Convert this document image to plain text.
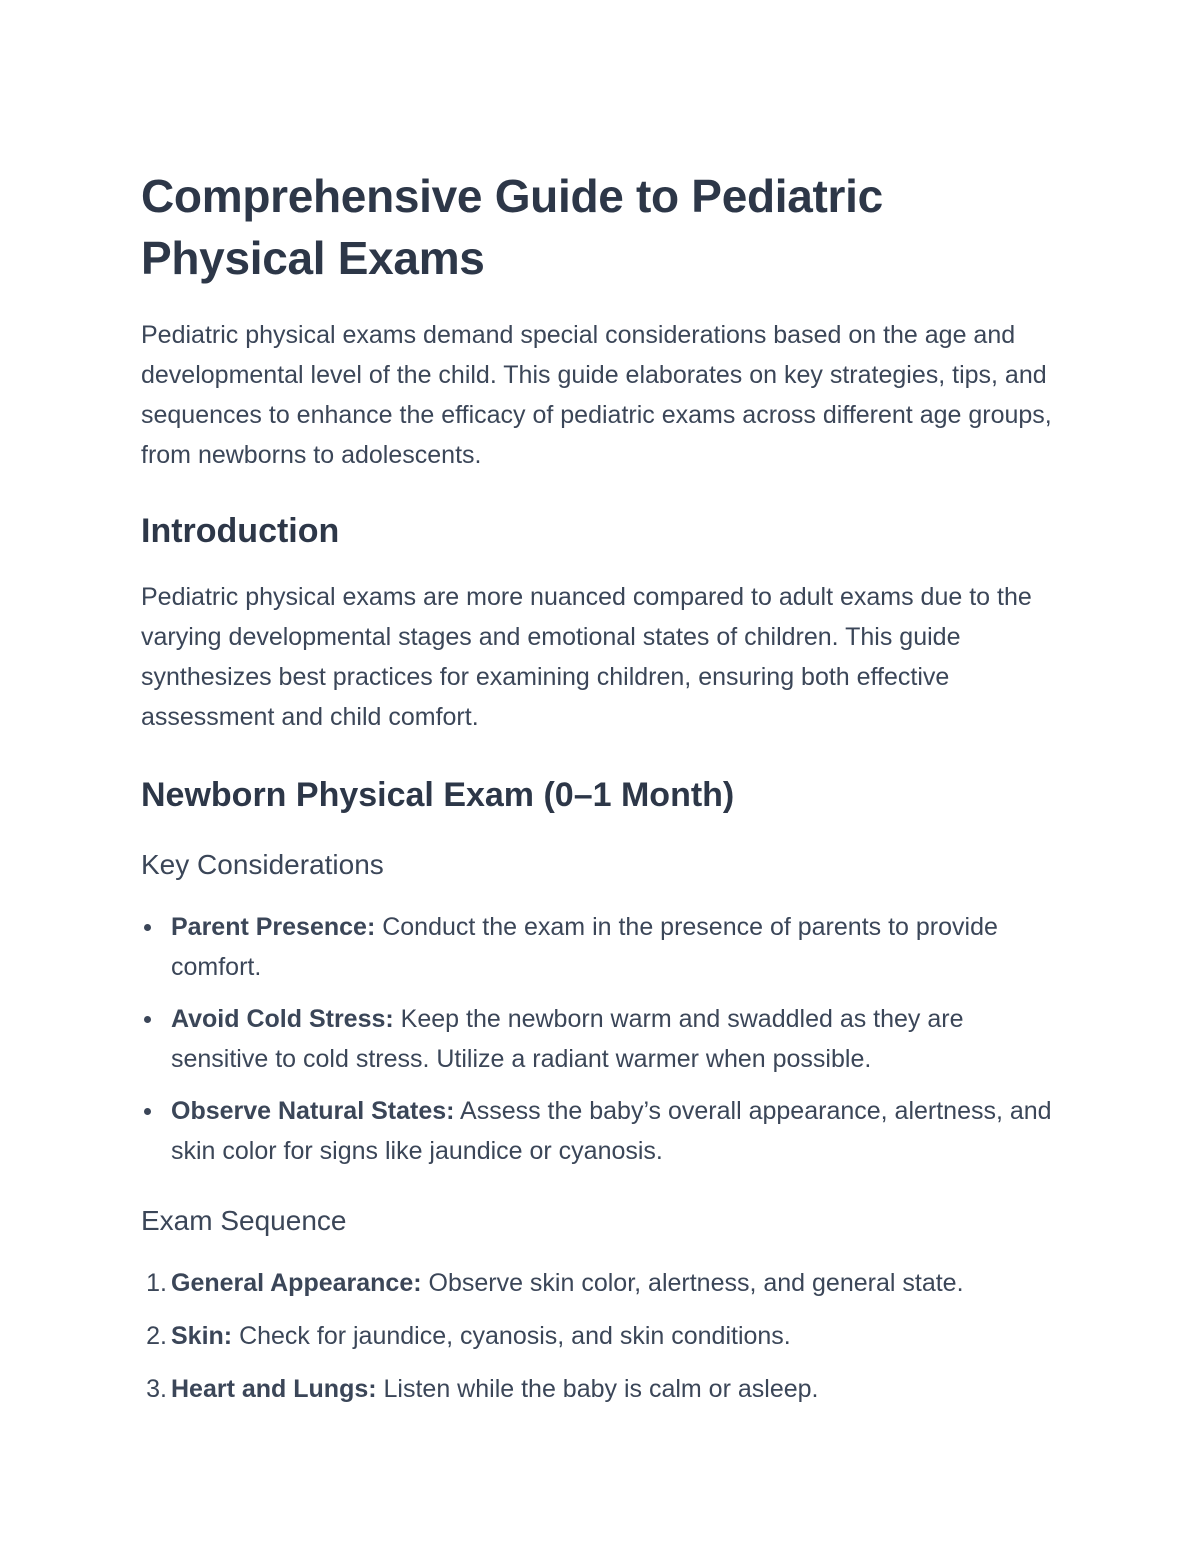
Comprehensive Guide to Pediatric Physical Exams

Pediatric physical exams demand special considerations based on the age and developmental level of the child. This guide elaborates on key strategies, tips, and sequences to enhance the efficacy of pediatric exams across different age groups, from newborns to adolescents.

Introduction

Pediatric physical exams are more nuanced compared to adult exams due to the varying developmental stages and emotional states of children. This guide synthesizes best practices for examining children, ensuring both effective assessment and child comfort.

Newborn Physical Exam (0–1 Month)
Key Considerations
Parent Presence: Conduct the exam in the presence of parents to provide comfort.
Avoid Cold Stress: Keep the newborn warm and swaddled as they are sensitive to cold stress. Utilize a radiant warmer when possible.
Observe Natural States: Assess the baby’s overall appearance, alertness, and skin color for signs like jaundice or cyanosis.
Exam Sequence
1. General Appearance: Observe skin color, alertness, and general state.
2. Skin: Check for jaundice, cyanosis, and skin conditions.
3. Heart and Lungs: Listen while the baby is calm or asleep.
